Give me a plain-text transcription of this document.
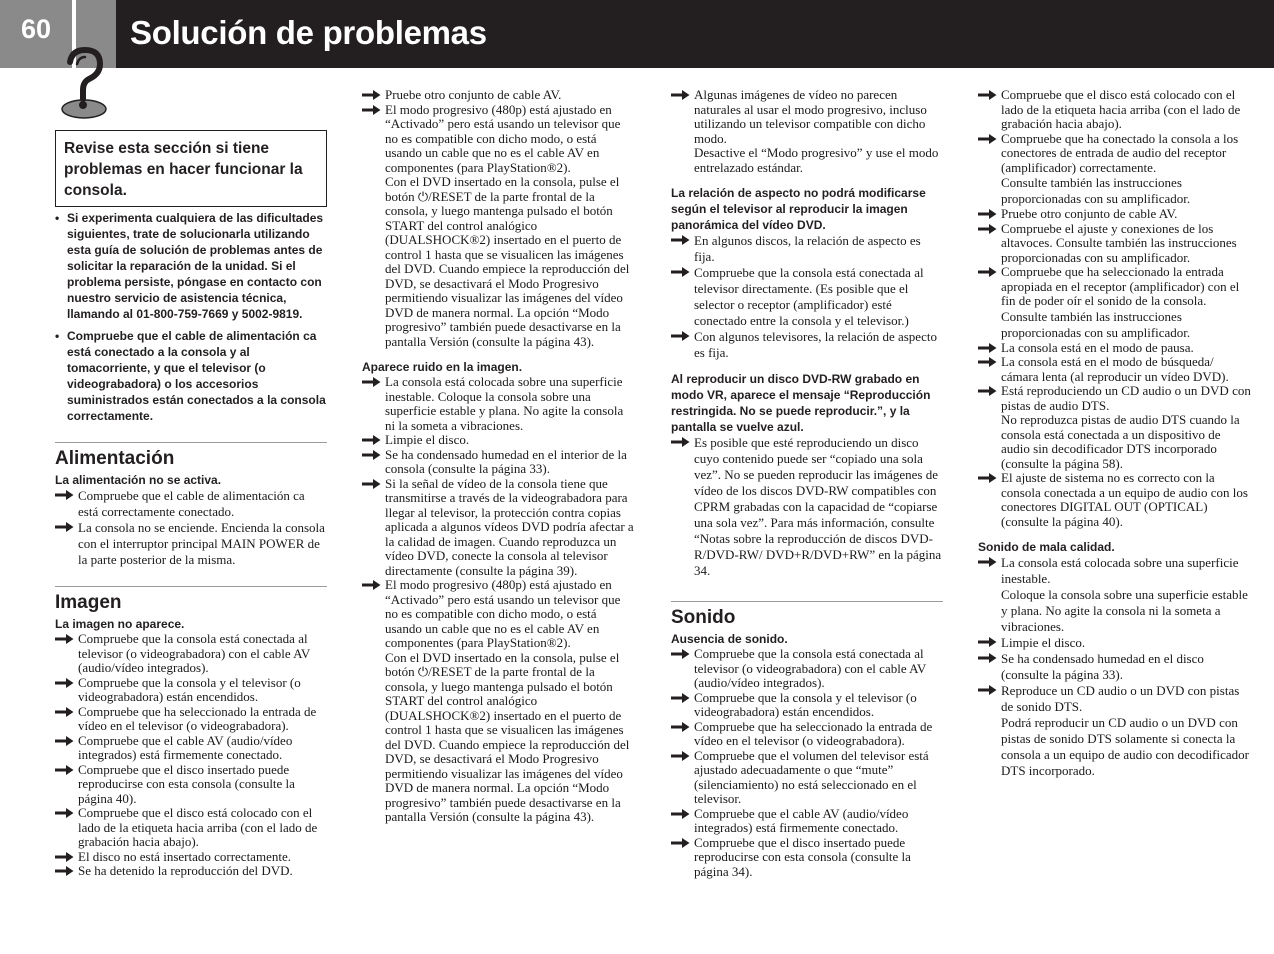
60	Solución de problemas
Revise esta sección si tiene problemas en hacer funcionar la consola.
• Si experimenta cualquiera de las dificultades siguientes, trate de solucionarla utilizando esta guía de solución de problemas antes de solicitar la reparación de la unidad. Si el problema persiste, póngase en contacto con nuestro servicio de asistencia técnica, llamando al 01-800-759-7669 y 5002-9819.
• Compruebe que el cable de alimentación ca está conectado a la consola y al tomacorriente, y que el televisor (o videograbadora) o los accesorios suministrados están conectados a la consola correctamente.
Alimentación
La alimentación no se activa.
Compruebe que el cable de alimentación ca está correctamente conectado.
La consola no se enciende. Encienda la consola con el interruptor principal MAIN POWER de la parte posterior de la misma.
Imagen
La imagen no aparece.
Compruebe que la consola está conectada al televisor (o videograbadora) con el cable AV (audio/vídeo integrados).
Compruebe que la consola y el televisor (o videograbadora) están encendidos.
Compruebe que ha seleccionado la entrada de vídeo en el televisor (o videograbadora).
Compruebe que el cable AV (audio/vídeo integrados) está firmemente conectado.
Compruebe que el disco insertado puede reproducirse con esta consola (consulte la página 40).
Compruebe que el disco está colocado con el lado de la etiqueta hacia arriba (con el lado de grabación hacia abajo).
El disco no está insertado correctamente.
Se ha detenido la reproducción del DVD.
Pruebe otro conjunto de cable AV.
El modo progresivo (480p) está ajustado en “Activado” pero está usando un televisor que no es compatible con dicho modo, o está usando un cable que no es el cable AV en componentes (para PlayStation®2).
Con el DVD insertado en la consola, pulse el botón ⏻/RESET de la parte frontal de la consola, y luego mantenga pulsado el botón START del control analógico (DUALSHOCK®2) insertado en el puerto de control 1 hasta que se visualicen las imágenes del DVD. Cuando empiece la reproducción del DVD, se desactivará el Modo Progresivo permitiendo visualizar las imágenes del vídeo DVD de manera normal. La opción “Modo progresivo” también puede desactivarse en la pantalla Versión (consulte la página 43).
Aparece ruido en la imagen.
La consola está colocada sobre una superficie inestable. Coloque la consola sobre una superficie estable y plana. No agite la consola ni la someta a vibraciones.
Limpie el disco.
Se ha condensado humedad en el interior de la consola (consulte la página 33).
Si la señal de vídeo de la consola tiene que transmitirse a través de la videograbadora para llegar al televisor, la protección contra copias aplicada a algunos vídeos DVD podría afectar a la calidad de imagen. Cuando reproduzca un vídeo DVD, conecte la consola al televisor directamente (consulte la página 39).
El modo progresivo (480p) está ajustado en “Activado” pero está usando un televisor que no es compatible con dicho modo, o está usando un cable que no es el cable AV en componentes (para PlayStation®2).
Con el DVD insertado en la consola, pulse el botón ⏻/RESET de la parte frontal de la consola, y luego mantenga pulsado el botón START del control analógico (DUALSHOCK®2) insertado en el puerto de control 1 hasta que se visualicen las imágenes del DVD. Cuando empiece la reproducción del DVD, se desactivará el Modo Progresivo permitiendo visualizar las imágenes del vídeo DVD de manera normal. La opción “Modo progresivo” también puede desactivarse en la pantalla Versión (consulte la página 43).
Algunas imágenes de vídeo no parecen naturales al usar el modo progresivo, incluso utilizando un televisor compatible con dicho modo.
Desactive el “Modo progresivo” y use el modo entrelazado estándar.
La relación de aspecto no podrá modificarse según el televisor al reproducir la imagen panorámica del vídeo DVD.
En algunos discos, la relación de aspecto es fija.
Compruebe que la consola está conectada al televisor directamente. (Es posible que el selector o receptor (amplificador) esté conectado entre la consola y el televisor.)
Con algunos televisores, la relación de aspecto es fija.
Al reproducir un disco DVD-RW grabado en modo VR, aparece el mensaje “Reproducción restringida. No se puede reproducir.”, y la pantalla se vuelve azul.
Es posible que esté reproduciendo un disco cuyo contenido puede ser “copiado una sola vez”. No se pueden reproducir las imágenes de vídeo de los discos DVD-RW compatibles con CPRM grabadas con la capacidad de “copiarse una sola vez”. Para más información, consulte “Notas sobre la reproducción de discos DVD-R/DVD-RW/ DVD+R/DVD+RW” en la página 34.
Sonido
Ausencia de sonido.
Compruebe que la consola está conectada al televisor (o videograbadora) con el cable AV (audio/vídeo integrados).
Compruebe que la consola y el televisor (o videograbadora) están encendidos.
Compruebe que ha seleccionado la entrada de vídeo en el televisor (o videograbadora).
Compruebe que el volumen del televisor está ajustado adecuadamente o que “mute” (silenciamiento) no está seleccionado en el televisor.
Compruebe que el cable AV (audio/vídeo integrados) está firmemente conectado.
Compruebe que el disco insertado puede reproducirse con esta consola (consulte la página 34).
Compruebe que el disco está colocado con el lado de la etiqueta hacia arriba (con el lado de grabación hacia abajo).
Compruebe que ha conectado la consola a los conectores de entrada de audio del receptor (amplificador) correctamente.
Consulte también las instrucciones proporcionadas con su amplificador.
Pruebe otro conjunto de cable AV.
Compruebe el ajuste y conexiones de los altavoces. Consulte también las instrucciones proporcionadas con su amplificador.
Compruebe que ha seleccionado la entrada apropiada en el receptor (amplificador) con el fin de poder oír el sonido de la consola.
Consulte también las instrucciones proporcionadas con su amplificador.
La consola está en el modo de pausa.
La consola está en el modo de búsqueda/ cámara lenta (al reproducir un vídeo DVD).
Está reproduciendo un CD audio o un DVD con pistas de audio DTS.
No reproduzca pistas de audio DTS cuando la consola está conectada a un dispositivo de audio sin decodificador DTS incorporado (consulte la página 58).
El ajuste de sistema no es correcto con la consola conectada a un equipo de audio con los conectores DIGITAL OUT (OPTICAL) (consulte la página 40).
Sonido de mala calidad.
La consola está colocada sobre una superficie inestable.
Coloque la consola sobre una superficie estable y plana. No agite la consola ni la someta a vibraciones.
Limpie el disco.
Se ha condensado humedad en el disco (consulte la página 33).
Reproduce un CD audio o un DVD con pistas de sonido DTS.
Podrá reproducir un CD audio o un DVD con pistas de sonido DTS solamente si conecta la consola a un equipo de audio con decodificador DTS incorporado.
